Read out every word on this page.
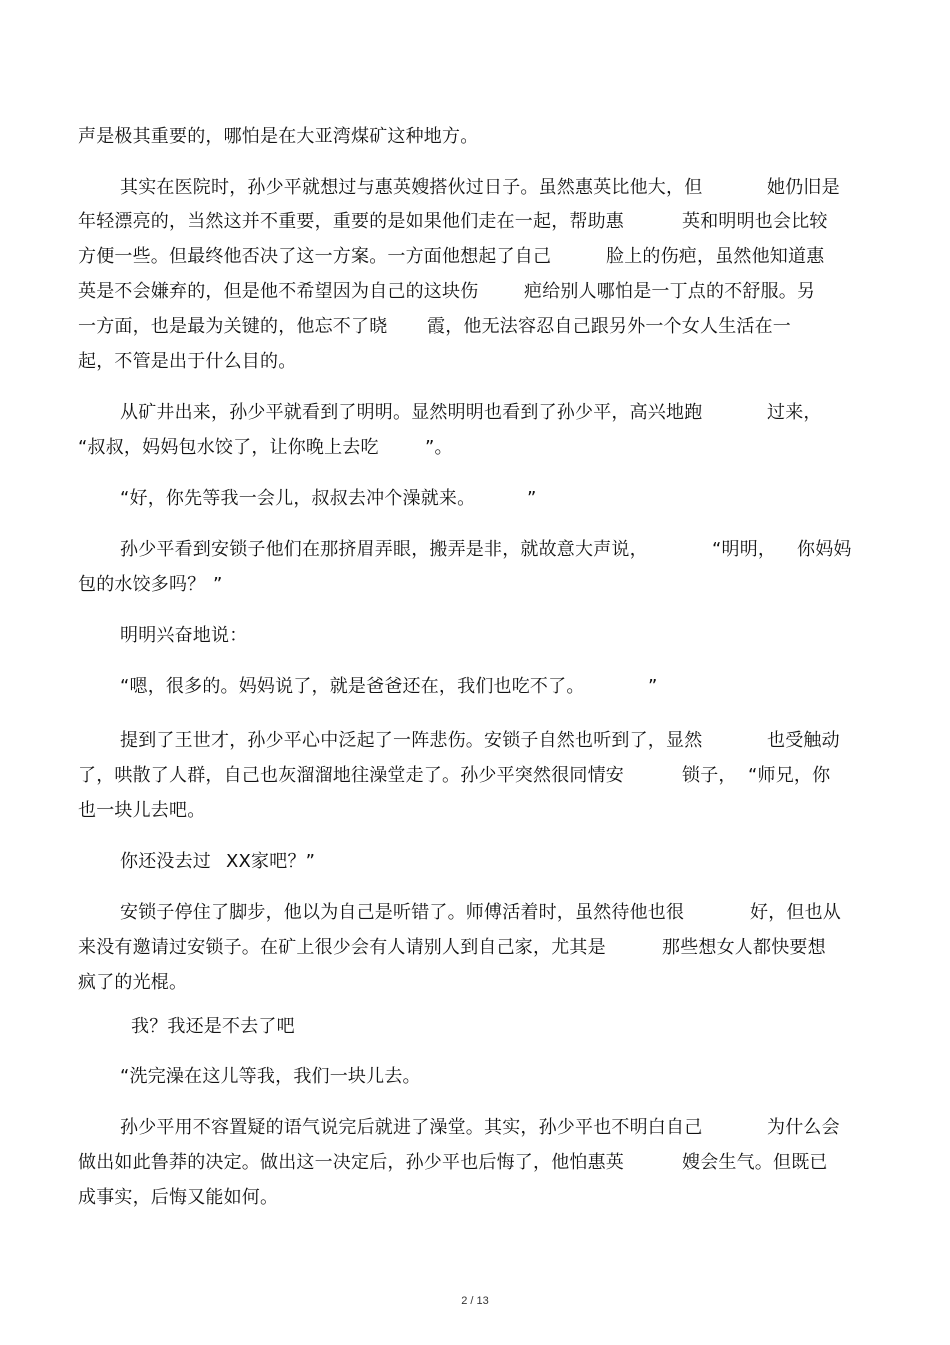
声是极其重要的，哪怕是在大亚湾煤矿这种地方。
其实在医院时，孙少平就想过与惠英嫂搭伙过日子。虽然惠英比他大，但	她仍旧是
年轻漂亮的，当然这并不重要，重要的是如果他们走在一起，帮助惠	英和明明也会比较
方便一些。但最终他否决了这一方案。一方面他想起了自己	脸上的伤疤，虽然他知道惠
英是不会嫌弃的，但是他不希望因为自己的这块伤	疤给别人哪怕是一丁点的不舒服。另
一方面，也是最为关键的，他忘不了晓 霞，他无法容忍自己跟另外一个女人生活在一
起，不管是出于什么目的。
从矿井出来，孙少平就看到了明明。显然明明也看到了孙少平，高兴地跑	过来，
“叔叔，妈妈包水饺了，让你晚上去吃	”。
“好，你先等我一会儿，叔叔去冲个澡就来。	”
孙少平看到安锁子他们在那挤眉弄眼，搬弄是非，就故意大声说，	“明明， 你妈妈
包的水饺多吗？ ”
明明兴奋地说：
“嗯，很多的。妈妈说了，就是爸爸还在，我们也吃不了。	”
提到了王世才，孙少平心中泛起了一阵悲伤。安锁子自然也听到了，显然	也受触动
了，哄散了人群，自己也灰溜溜地往澡堂走了。孙少平突然很同情安	锁子， “师兄，你
也一块儿去吧。
你还没去过 XX家吧？”
安锁子停住了脚步，他以为自己是听错了。师傅活着时，虽然待他也很	好，但也从
来没有邀请过安锁子。在矿上很少会有人请别人到自己家，尤其是	那些想女人都快要想
疯了的光棍。
我？我还是不去了吧
“洗完澡在这儿等我，我们一块儿去。
孙少平用不容置疑的语气说完后就进了澡堂。其实，孙少平也不明白自己	为什么会
做出如此鲁莽的决定。做出这一决定后，孙少平也后悔了，他怕惠英	嫂会生气。但既已
成事实，后悔又能如何。
2 / 13
